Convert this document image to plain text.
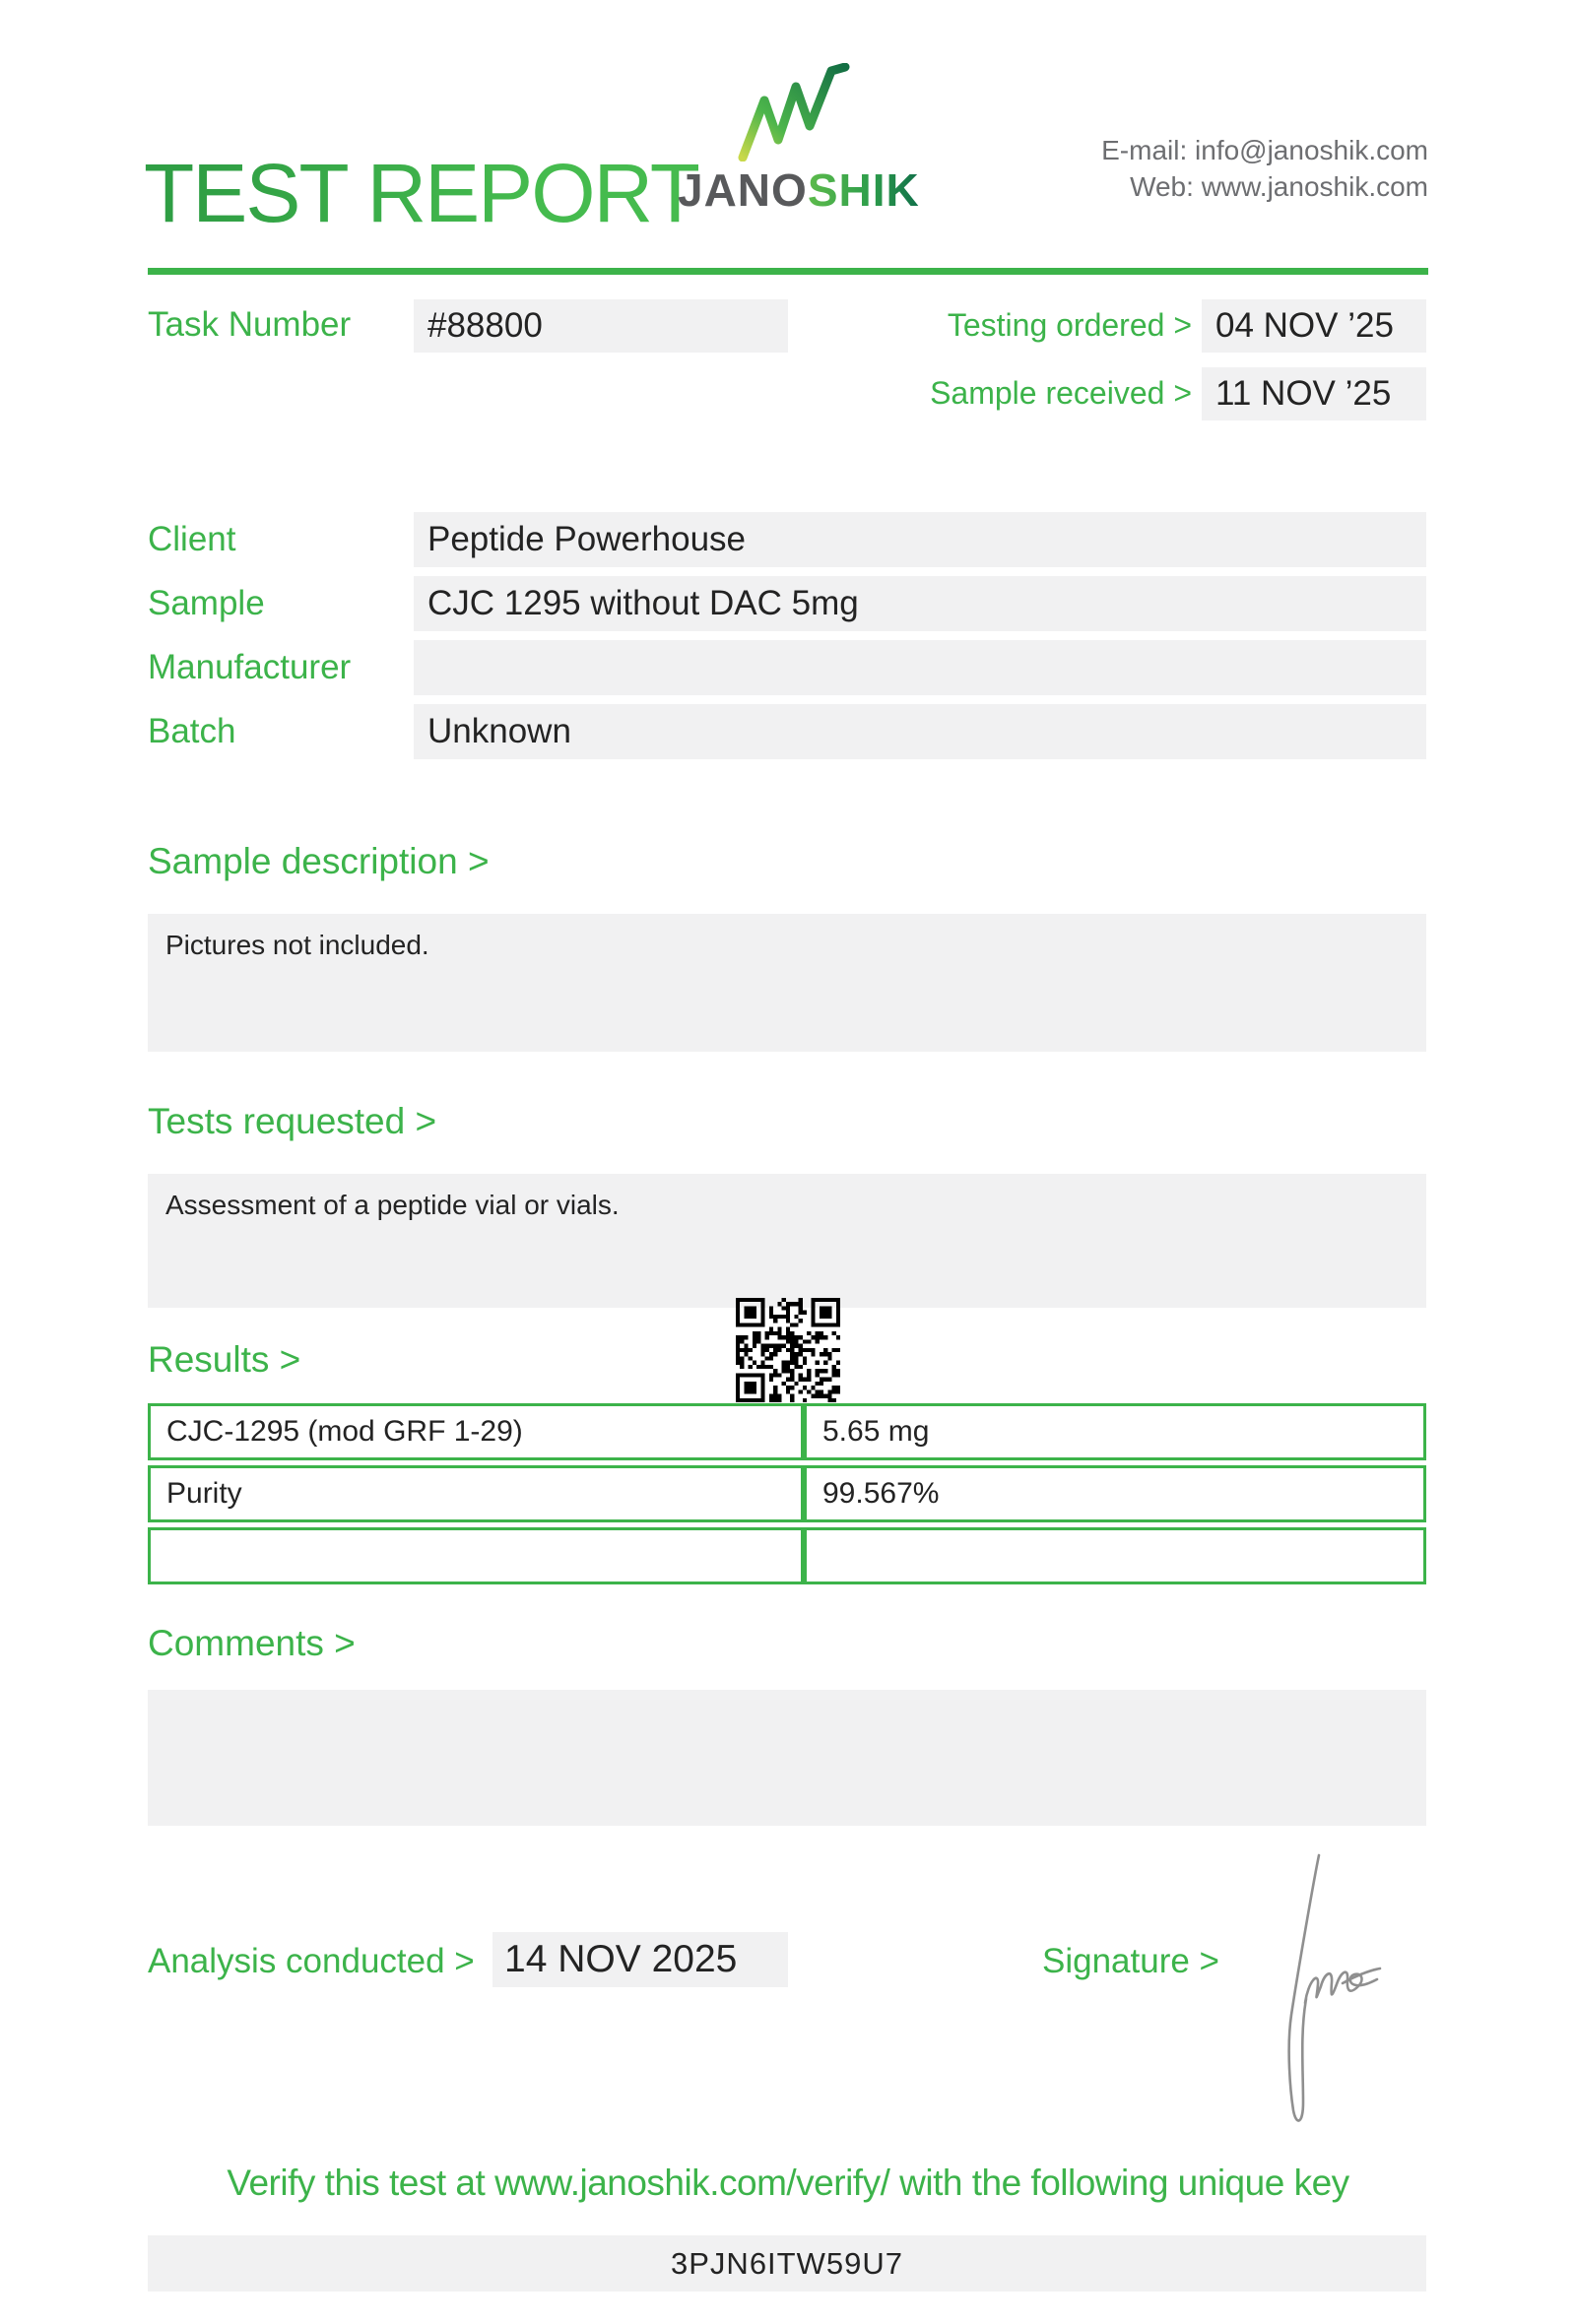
TEST REPORT
JANOSHIK
E-mail: info@janoshik.com
Web: www.janoshik.com
Task Number	#88800	Testing ordered > 04 NOV ’25
Sample received > 11 NOV ’25
Client	Peptide Powerhouse
Sample	CJC 1295 without DAC 5mg
Manufacturer
Batch	Unknown
Sample description >
Pictures not included.
Tests requested >
Assessment of a peptide vial or vials.
Results >
CJC-1295 (mod GRF 1-29)	5.65 mg
Purity	99.567%

Comments >
Analysis conducted > 14 NOV 2025	Signature >
Verify this test at www.janoshik.com/verify/ with the following unique key
3PJN6ITW59U7
